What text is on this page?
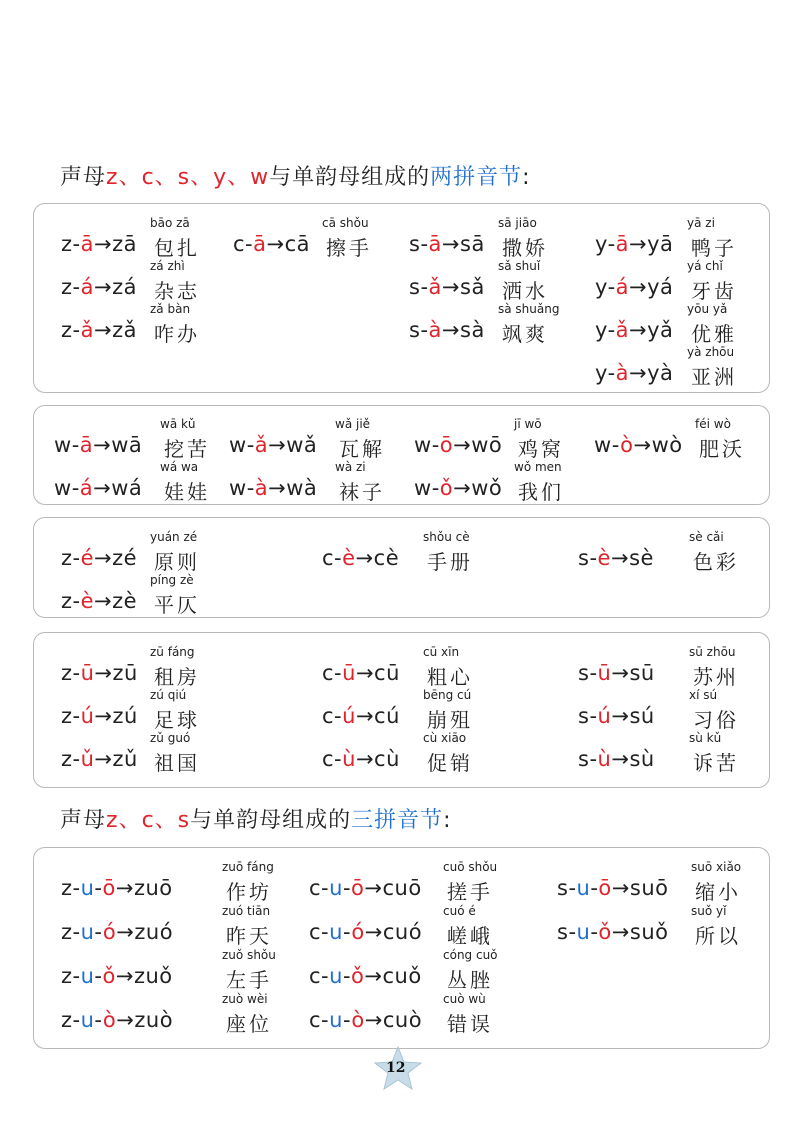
声母z、c、s、y、w与单韵母组成的两拼音节:
z-ā→zā
bāo zā
包扎
z-á→zá
zá zhì
杂志
z-ǎ→zǎ
zǎ bàn
咋办
c-ā→cā
cā shǒu
擦手 s-ā→sā
sā jiāo
撒娇
s-ǎ→sǎ
sǎ shuǐ
洒水
s-à→sà
sà shuǎng
飒爽
y-ā→yā
yā zi
鸭子
y-á→yá
yá chǐ
牙齿
y-ǎ→yǎ
yōu yǎ
优雅
y-à→yà
yà zhōu
亚洲
w-ā→wā
wā kǔ
挖苦
w-á→wá
wá wa
娃娃
w-ǎ→wǎ
wǎ jiě
瓦解
w-à→wà
wà zi
袜子
w-ō→wō
jī wō
鸡窝
w-ǒ→wǒ
wǒ men
我们
w-ò→wò
féi wò
肥沃
z-é→zé
yuán zé
原则
z-è→zè
píng zè
平仄
c-è→cè
shǒu cè
手册	s-è→sè
sè cǎi
色彩
z-ū→zū
zū fáng
租房
z-ú→zú
zú qiú
足球
z-ǔ→zǔ
zǔ guó
祖国
c-ū→cū
cū xīn
粗心
c-ú→cú
bēng cú
崩殂
c-ù→cù
cù xiāo
促销
s-ū→sū
sū zhōu
苏州
s-ú→sú
xí sú
习俗
s-ù→sù
sù kǔ
诉苦
声母z、c、s与单韵母组成的三拼音节:
z-u-ō→zuō
zuō fáng
作坊
z-u-ó→zuó
zuó tiān
昨天
z-u-ǒ→zuǒ
zuǒ shǒu
左手
z-u-ò→zuò
zuò wèi
座位
c-u-ō→cuō
cuō shǒu
搓手
c-u-ó→cuó
cuó é
嵯峨
c-u-ǒ→cuǒ
cóng cuǒ
丛脞
c-u-ò→cuò
cuò wù
错误
s-u-ō→suō
suō xiǎo
缩小
s-u-ǒ→suǒ
suǒ yǐ
所以
12
